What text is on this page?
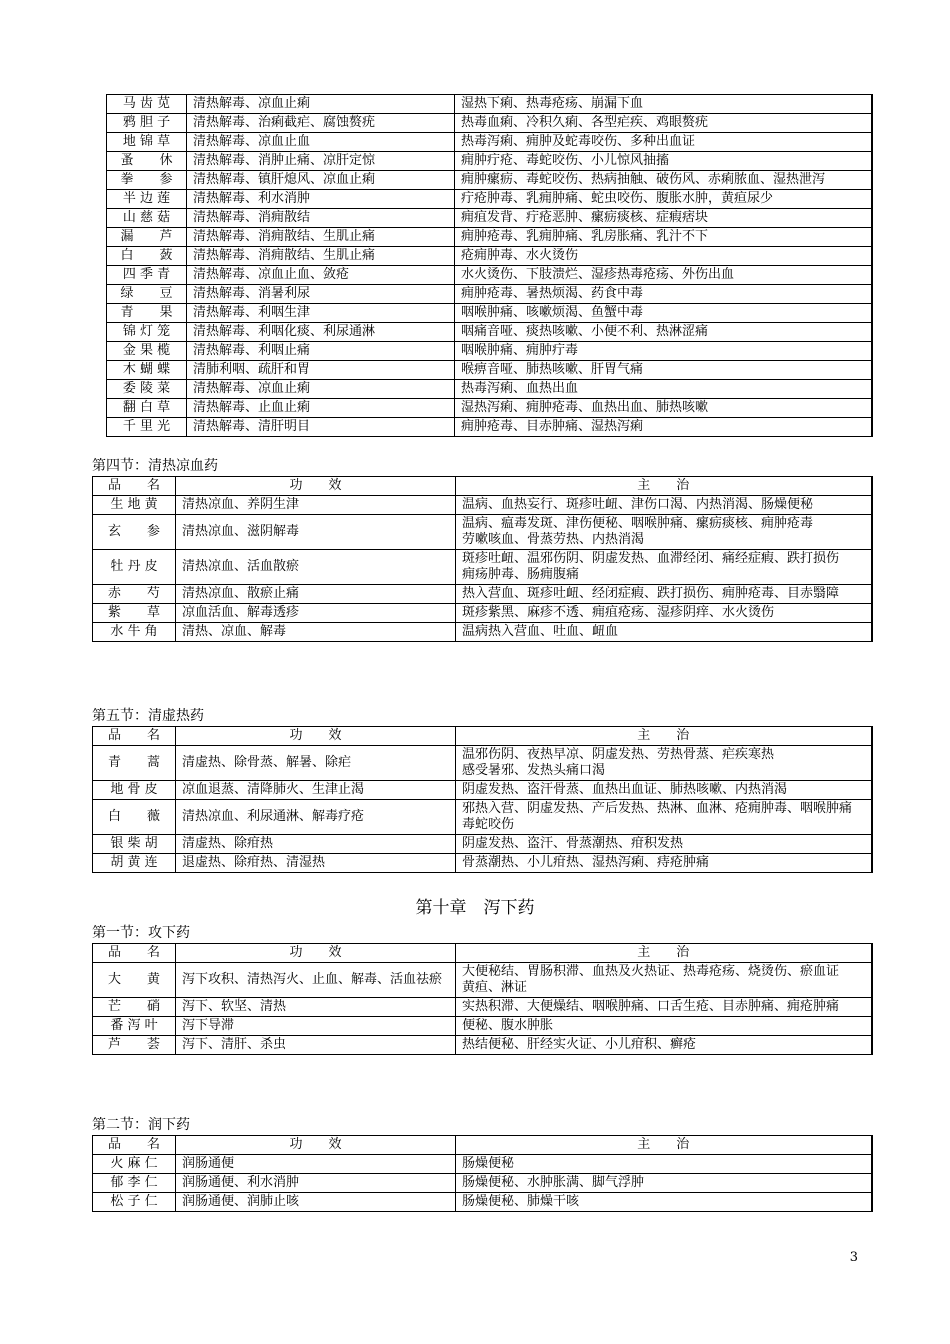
马 齿 苋	清热解毒、凉血止痢	湿热下痢、热毒疮疡、崩漏下血
鸦 胆 子	清热解毒、治痢截疟、腐蚀赘疣	热毒血痢、冷积久痢、各型疟疾、鸡眼赘疣
地 锦 草	清热解毒、凉血止血	热毒泻痢、痈肿及蛇毒咬伤、多种出血证
蚤　　休	清热解毒、消肿止痛、凉肝定惊	痈肿疔疮、毒蛇咬伤、小儿惊风抽搐
拳　　参	清热解毒、镇肝熄风、凉血止痢	痈肿瘰疬、毒蛇咬伤、热病抽触、破伤风、赤痢脓血、湿热泄泻
半 边 莲	清热解毒、利水消肿	疔疮肿毒、乳痈肿痛、蛇虫咬伤、腹胀水肿，黄疸尿少
山 慈 菇	清热解毒、消痈散结	痈疽发背、疔疮恶肿、瘰疬痰核、症瘕痞块
漏　　芦	清热解毒、消痈散结、生肌止痛	痈肿疮毒、乳痈肿痛、乳房胀痛、乳汁不下
白　　蔹	清热解毒、消痈散结、生肌止痛	疮痈肿毒、水火烫伤
四 季 青	清热解毒、凉血止血、敛疮	水火烫伤、下肢溃烂、湿疹热毒疮疡、外伤出血
绿　　豆	清热解毒、消暑利尿	痈肿疮毒、暑热烦渴、药食中毒
青　　果	清热解毒、利咽生津	咽喉肿痛、咳嗽烦渴、鱼蟹中毒
锦 灯 笼	清热解毒、利咽化痰、利尿通淋	咽痛音哑、痰热咳嗽、小便不利、热淋涩痛
金 果 榄	清热解毒、利咽止痛	咽喉肿痛、痈肿疔毒
木 蝴 蝶	清肺利咽、疏肝和胃	喉痹音哑、肺热咳嗽、肝胃气痛
委 陵 菜	清热解毒、凉血止痢	热毒泻痢、血热出血
翻 白 草	清热解毒、止血止痢	湿热泻痢、痈肿疮毒、血热出血、肺热咳嗽
千 里 光	清热解毒、清肝明目	痈肿疮毒、目赤肿痛、湿热泻痢
第四节：清热凉血药
品　　名	功　　效	主　　治
生 地 黄	清热凉血、养阴生津	温病、血热妄行、斑疹吐衄、津伤口渴、内热消渴、肠燥便秘
玄　　参	清热凉血、滋阴解毒	温病、瘟毒发斑、津伤便秘、咽喉肿痛、瘰疬痰核、痈肿疮毒
劳嗽咳血、骨蒸劳热、内热消渴
牡 丹 皮	清热凉血、活血散瘀	斑疹吐衄、温邪伤阴、阴虚发热、血滞经闭、痛经症瘕、跌打损伤
痈疡肿毒、肠痈腹痛
赤　　芍	清热凉血、散瘀止痛	热入营血、斑疹吐衄、经闭症瘕、跌打损伤、痈肿疮毒、目赤翳障
紫　　草	凉血活血、解毒透疹	斑疹紫黑、麻疹不透、痈疽疮疡、湿疹阴痒、水火烫伤
水 牛 角	清热、凉血、解毒	温病热入营血、吐血、衄血
第五节：清虚热药
品　　名	功　　效	主　　治
青　　蒿	清虚热、除骨蒸、解暑、除疟	温邪伤阴、夜热早凉、阴虚发热、劳热骨蒸、疟疾寒热
感受暑邪、发热头痛口渴
地 骨 皮	凉血退蒸、清降肺火、生津止渴	阴虚发热、盗汗骨蒸、血热出血证、肺热咳嗽、内热消渴
白　　薇	清热凉血、利尿通淋、解毒疗疮	邪热入营、阴虚发热、产后发热、热淋、血淋、疮痈肿毒、咽喉肿痛毒蛇咬伤
银 柴 胡	清虚热、除疳热	阴虚发热、盗汗、骨蒸潮热、疳积发热
胡 黄 连	退虚热、除疳热、清湿热	骨蒸潮热、小儿疳热、湿热泻痢、痔疮肿痛
第十章　泻下药
第一节：攻下药
品　　名	功　　效	主　　治
大　　黄	泻下攻积、清热泻火、止血、解毒、活血祛瘀	大便秘结、胃肠积滞、血热及火热证、热毒疮疡、烧烫伤、瘀血证
黄疸、淋证
芒　　硝	泻下、软坚、清热	实热积滞、大便燥结、咽喉肿痛、口舌生疮、目赤肿痛、痈疮肿痛
番 泻 叶	泻下导滞	便秘、腹水肿胀
芦　　荟	泻下、清肝、杀虫	热结便秘、肝经实火证、小儿疳积、癣疮
第二节：润下药
品　　名	功　　效	主　　治
火 麻 仁	润肠通便	肠燥便秘
郁 李 仁	润肠通便、利水消肿	肠燥便秘、水肿胀满、脚气浮肿
松 子 仁	润肠通便、润肺止咳	肠燥便秘、肺燥干咳
3
